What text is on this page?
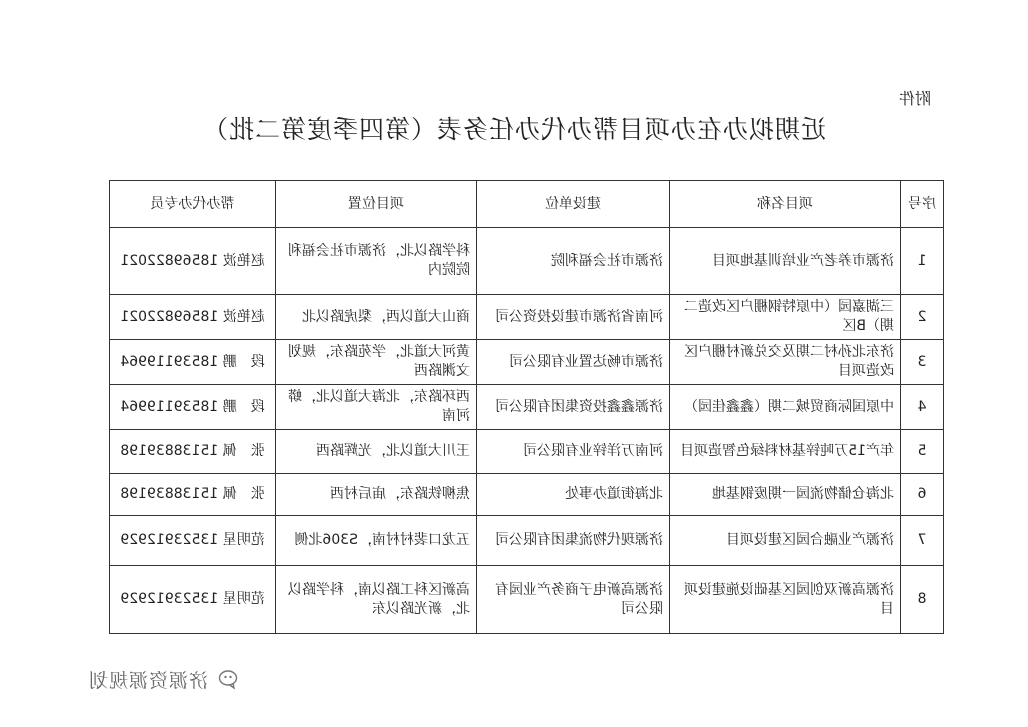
附件
近期拟办在办项目帮办代办任务表（第四季度第二批）
序号	项目名称	建设单位	项目位置	帮办代办专员
1	济源市养老产业培训基地项目	济源市社会福利院	科学路以北，济源市社会福利院院内	赵艳波 18569822021
2	三湖嘉园（中原特钢棚户区改造二期）B区	河南省济源市建设投资公司	商山大道以西，梨虎路以北	赵艳波 18569822021
3	济东北孙村二期及交兑新村棚户区改造项目	济源市畅达置业有限公司	黄河大道北，学苑路东，规划文渊路西	段　鹏 18539119964
4	中原国际商贸城二期（鑫鑫佳园）	济源鑫鑫投资集团有限公司	西环路东，北海大道以北，蟒河南	段　鹏 18539119964
5	年产15万吨锌基材料绿色智造项目	河南万洋锌业有限公司	王川大道以北，光辉路西	张　佩 15138839198
6	北海仓储物流园一期废钢基地	北海街道办事处	焦柳铁路东，庙后村西	张　佩 15138839198
7	济源产业融合园区建设项目	济源现代物流集团有限公司	五龙口裴村村南，S306北侧	范明星 13523912929
8	济源高新双创园区基础设施建设项目	济源高新电子商务产业园有限公司	高新区科工路以南，科学路以北，新光路以东	范明星 13523912929
济源资源规划
